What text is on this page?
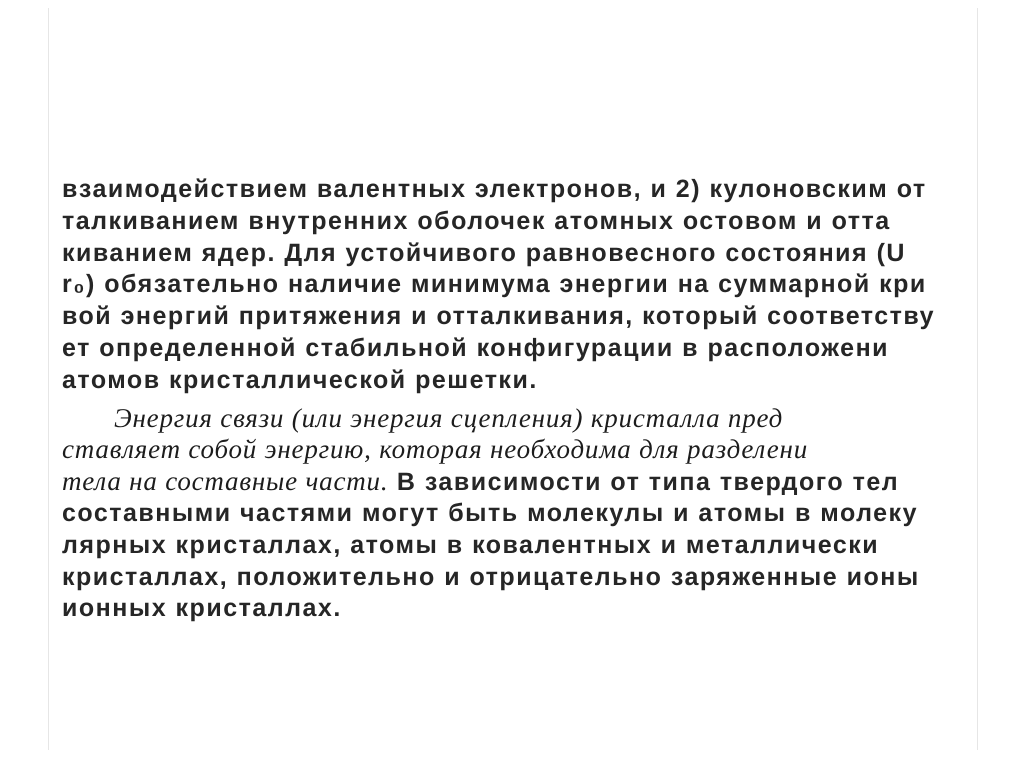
взаимодействием валентных электронов, и 2) кулоновским от
талкиванием внутренних оболочек атомных остовом и отта
киванием ядер. Для устойчивого равновесного состояния (U
r₀) обязательно наличие минимума энергии на суммарной кри
вой энергий притяжения и отталкивания, который соответству
ет определенной стабильной конфигурации в расположени
атомов кристаллической решетки.
Энергия связи (или энергия сцепления) кристалла пред
ставляет собой энергию, которая необходима для разделени
тела на составные части. В зависимости от типа твердого тел
составными частями могут быть молекулы и атомы в молеку
лярных кристаллах, атомы в ковалентных и металлически
кристаллах, положительно и отрицательно заряженные ионы
ионных кристаллах.
